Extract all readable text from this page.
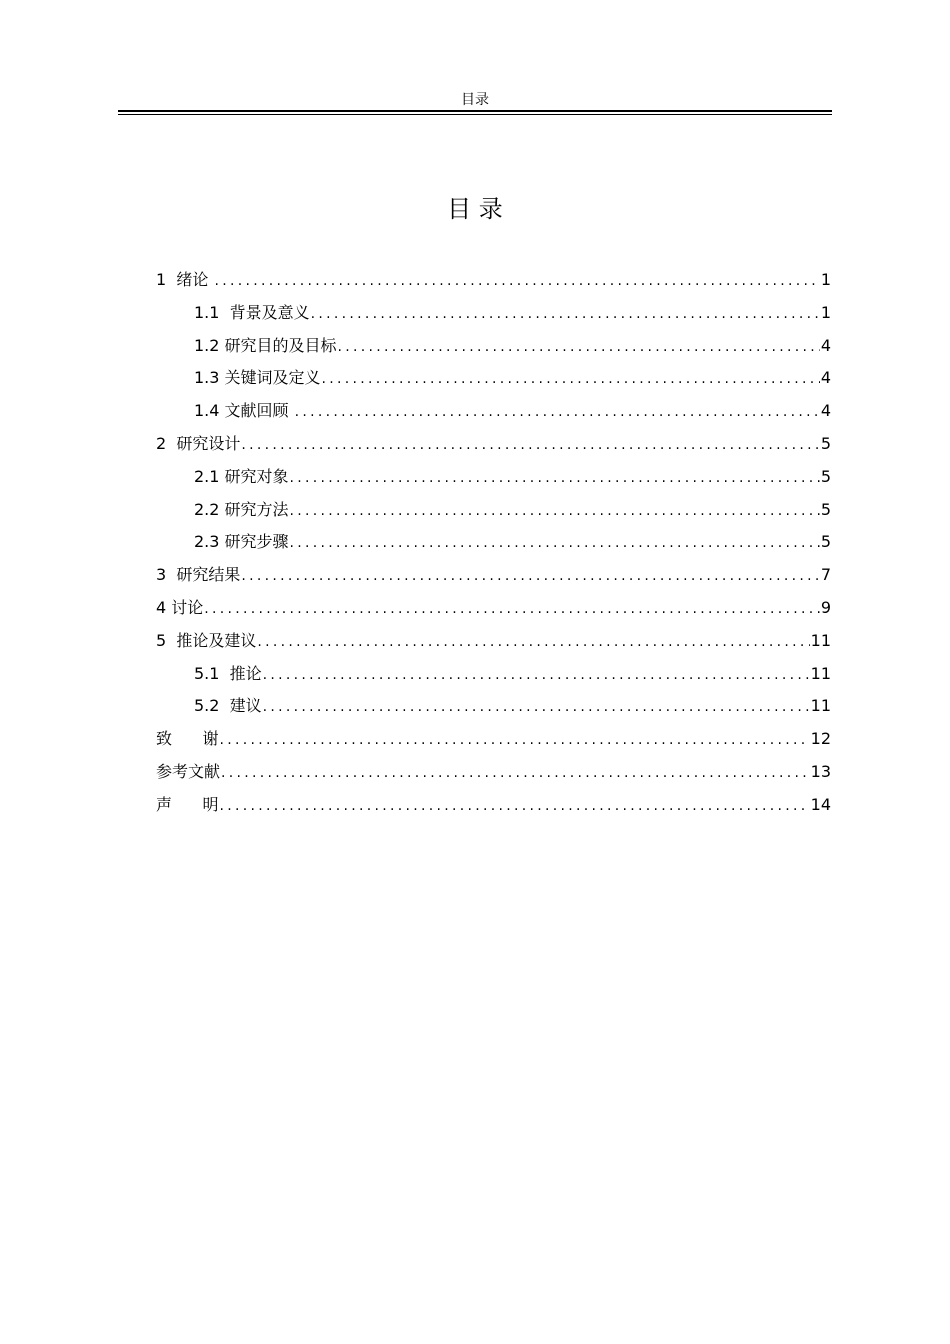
目录
目 录
1  绪论 .....	1
1.1  背景及意义 .....	1
1.2 研究目的及目标 .....	4
1.3 关键词及定义 .....	4
1.4 文献回顾 .....	4
2  研究设计 .....	5
2.1 研究对象 .....	5
2.2 研究方法 .....	5
2.3 研究步骤 .....	5
3  研究结果 .....	7
4 讨论 .....	9
5  推论及建议 .....	11
5.1  推论 .....	11
5.2  建议 .....	11
致      谢 .....	12
参考文献 .....	13
声      明 .....	14
